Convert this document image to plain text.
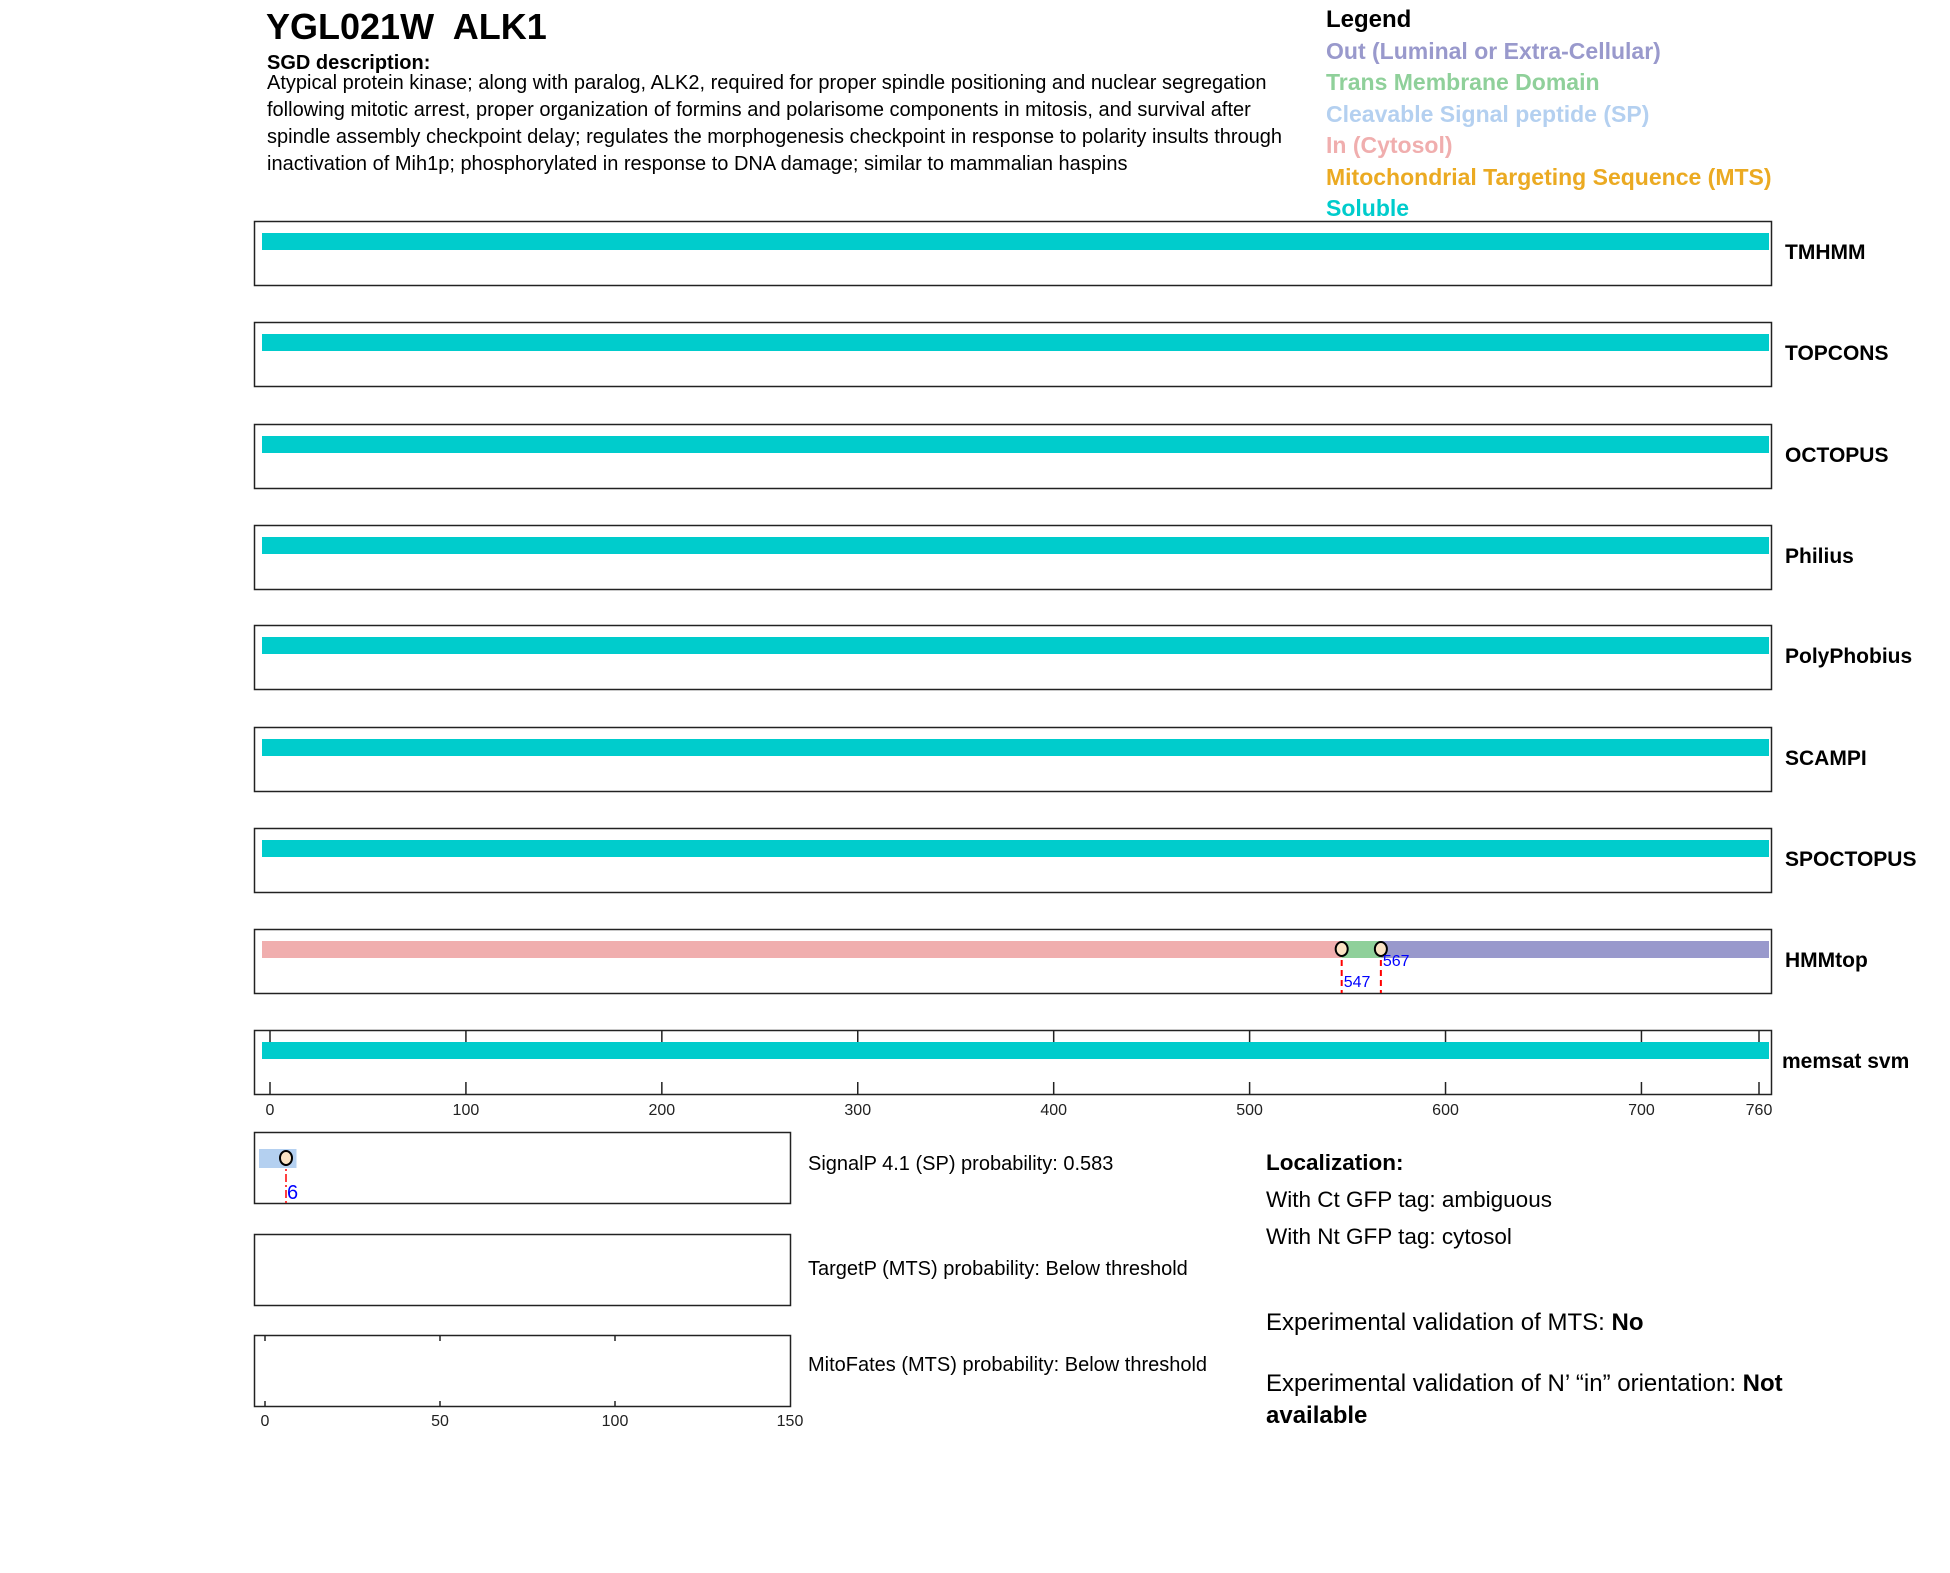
YGL021W  ALK1
SGD description:
Atypical protein kinase; along with paralog, ALK2, required for proper spindle positioning and nuclear segregation following mitotic arrest, proper organization of formins and polarisome components in mitosis, and survival after spindle assembly checkpoint delay; regulates the morphogenesis checkpoint in response to polarity insults through inactivation of Mih1p; phosphorylated in response to DNA damage; similar to mammalian haspins
Legend
Out (Luminal or Extra-Cellular)
Trans Membrane Domain
Cleavable Signal peptide (SP)
In (Cytosol)
Mitochondrial Targeting Sequence (MTS)
Soluble
TMHMM
TOPCONS
OCTOPUS
Philius
PolyPhobius
SCAMPI
SPOCTOPUS
547
567	HMMtop
memsat svm
0	100	200	300	400	500	600	700	760
6
0	50	100	150
SignalP 4.1 (SP) probability: 0.583
TargetP (MTS) probability: Below threshold
MitoFates (MTS) probability: Below threshold
Localization:
With Ct GFP tag: ambiguous
With Nt GFP tag: cytosol
Experimental validation of MTS: No
Experimental validation of N’ “in” orientation: Not available
